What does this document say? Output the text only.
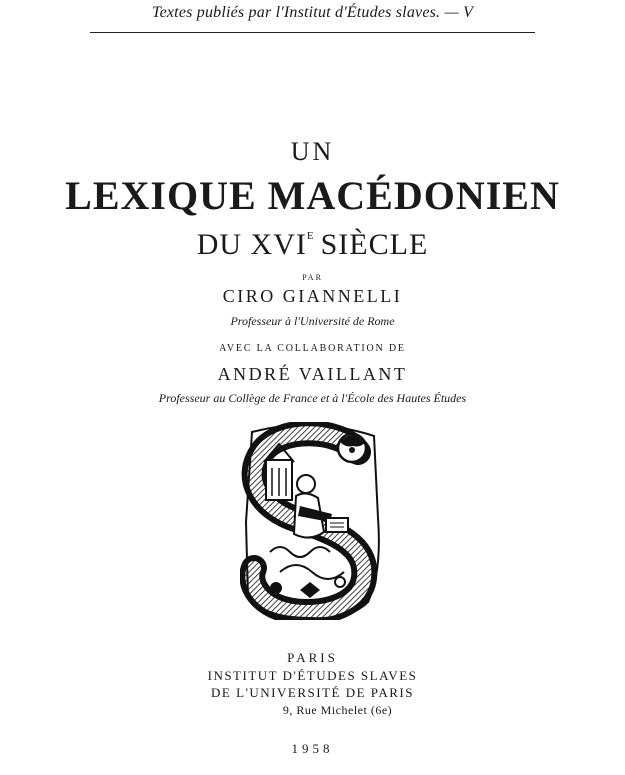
Textes publiés par l'Institut d'Études slaves. — V
UN
LEXIQUE MACÉDONIEN
DU $XVI^E$ SIÈCLE
PAR
CIRO GIANNELLI
Professeur à l'Université de Rome
AVEC LA COLLABORATION DE
ANDRÉ VAILLANT
Professeur au Collège de France et à l'École des Hautes Études
PARIS
INSTITUT D'ÉTUDES SLAVES
DE L'UNIVERSITÉ DE PARIS
9, Rue Michelet (6e)
1958
